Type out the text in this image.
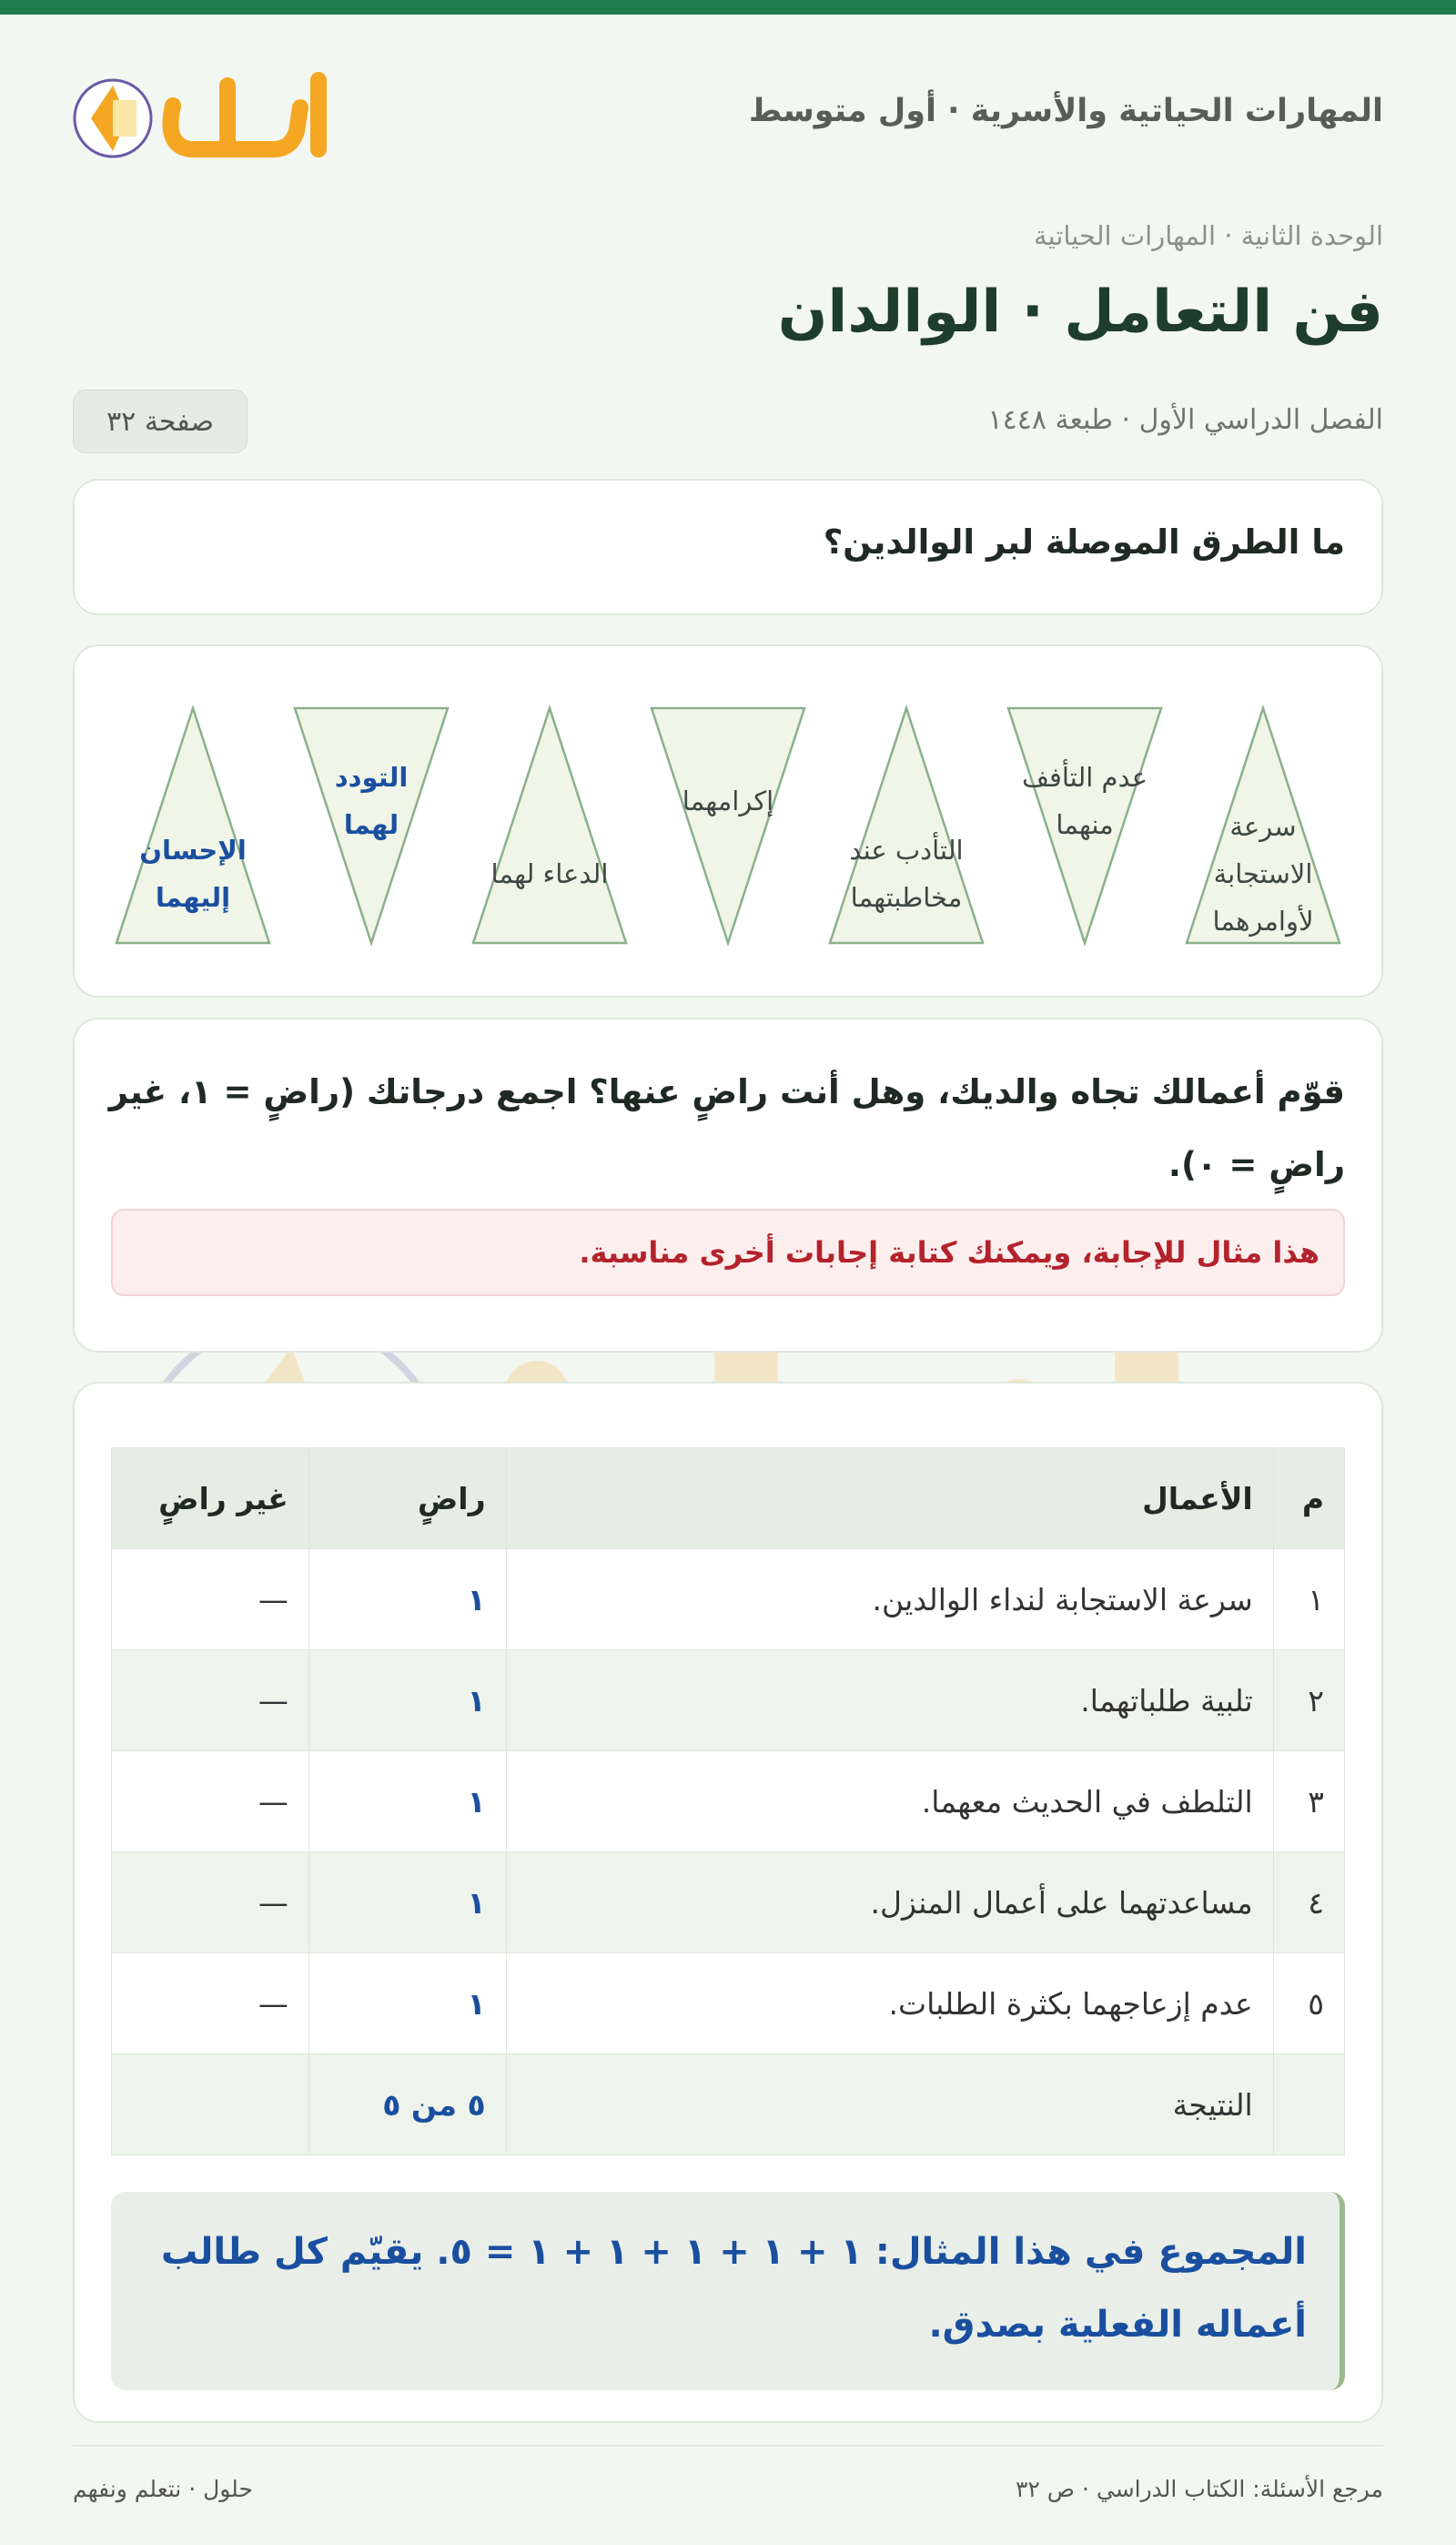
المهارات الحياتية والأسرية · أول متوسط
الوحدة الثانية · المهارات الحياتية
فن التعامل · الوالدان
الفصل الدراسي الأول · طبعة ١٤٤٨
صفحة ٣٢
ما الطرق الموصلة لبر الوالدين؟
سرعة
الاستجابة
لأوامرهما
عدم التأفف
منهما
التأدب عند
مخاطبتهما
إكرامهما
الدعاء لهما
التودد
لهما
الإحسان
إليهما
قوّم أعمالك تجاه والديك، وهل أنت راضٍ عنها؟ اجمع درجاتك (راضٍ = ١، غير راضٍ = ٠).
هذا مثال للإجابة، ويمكنك كتابة إجابات أخرى مناسبة.
م	الأعمال	راضٍ	غير راضٍ
١	سرعة الاستجابة لنداء الوالدين.	١	—
٢	تلبية طلباتهما.	١	—
٣	التلطف في الحديث معهما.	١	—
٤	مساعدتهما على أعمال المنزل.	١	—
٥	عدم إزعاجهما بكثرة الطلبات.	١	—
	النتيجة	٥ من ٥	
المجموع في هذا المثال: ١ + ١ + ١ + ١ + ١ = ٥. يقيّم كل طالب أعماله الفعلية بصدق.
مرجع الأسئلة: الكتاب الدراسي · ص ٣٢
حلول · نتعلم ونفهم
